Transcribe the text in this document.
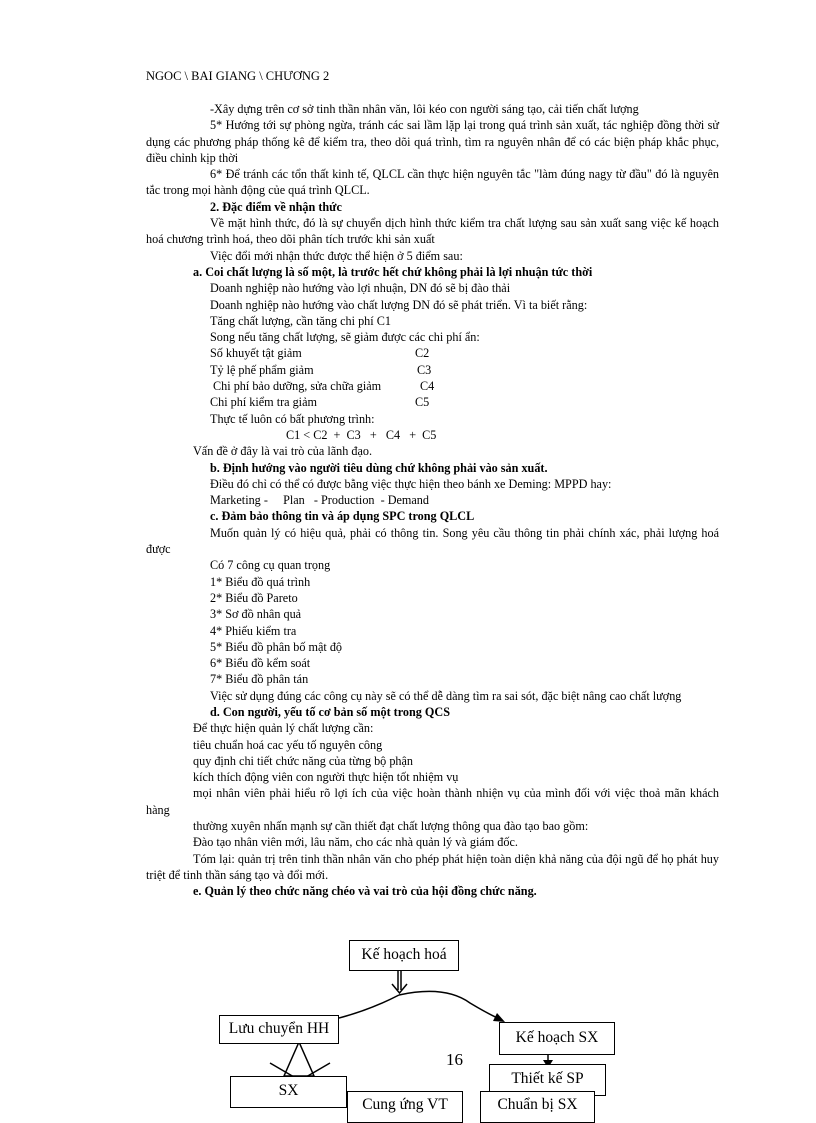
NGOC \ BAI GIANG \ CHƯƠNG 2
-Xây dựng trên cơ sở tinh thần nhân văn, lôi kéo con người sáng tạo, cải tiến chất lượng
5* Hướng tới sự phòng ngừa, tránh các sai lầm lặp lại trong quá trình sản xuất, tác nghiệp đồng thời sử dụng các phương pháp thống kê để kiểm tra, theo dõi quá trình, tìm ra nguyên nhân để có các biện pháp khắc phục, điều chỉnh kịp thời
6* Để tránh các tổn thất kinh tế, QLCL cần thực hiện nguyên tắc "làm đúng nagy từ đầu" đó là nguyên tắc trong mọi hành động củe quá trình QLCL.
2. Đặc điểm về nhận thức
Về mặt hình thức, đó là sự chuyển dịch hình thức kiểm tra chất lượng sau sản xuất sang việc kế hoạch hoá chương trình hoá, theo dõi phân tích trước khi sản xuất
Việc đổi mới nhận thức được thể hiện ở 5 điểm sau:
a. Coi chất lượng là số một, là trước hết chứ không phải là lợi nhuận tức thời
Doanh nghiệp nào hướng vào lợi nhuận, DN đó sẽ bị đào thải
Doanh nghiệp nào hướng vào chất lượng DN đó sẽ phát triển. Vì ta biết rằng:
Tăng chất lượng, cần tăng chi phí C1
Song nếu tăng chất lượng, sẽ giảm được các chi phí ẩn:
Số khuyết tật giảm	C2
Tỷ lệ phế phẩm giảm	C3
Chi phí bảo dưỡng, sửa chữa giảm	C4
Chi phí kiểm tra giảm	C5
Thực tế luôn có bất phương trình:
C1 < C2  +  C3   +   C4   +  C5
Vấn đề ở đây là vai trò của lãnh đạo.
b. Định hướng vào người tiêu dùng chứ không phải vào sản xuất.
Điều đó chỉ có thể có được bằng việc thực hiện theo bánh xe Deming: MPPD hay:
Marketing -     Plan   - Production  - Demand
c. Đảm bảo thông tin và áp dụng SPC trong QLCL
Muốn quản lý có hiệu quả, phải có thông tin. Song yêu cầu thông tin phải chính xác, phải lượng hoá được
Có 7 công cụ quan trọng
1* Biểu đồ quá trình
2* Biểu đồ Pareto
3* Sơ đồ nhân quả
4* Phiếu kiểm tra
5* Biểu đồ phân bố mật độ
6* Biểu đồ kểm soát
7* Biểu đồ phân tán
Việc sử dụng đúng các công cụ này sẽ có thể dễ dàng tìm ra sai sót, đặc biệt nâng cao chất lượng
d. Con người, yếu tố cơ bản số một trong QCS
Để thực hiện quản lý chất lượng cần:
tiêu chuẩn hoá cac yếu tố nguyên công
quy định chi tiết chức năng của từng bộ phận
kích thích động viên con người thực hiện tốt nhiệm vụ
mọi nhân viên phải hiểu rõ lợi ích của việc hoàn thành nhiện vụ của mình đối với việc thoả mãn khách hàng
thường xuyên nhấn mạnh sự cần thiết đạt chất lượng thông qua đào tạo bao gồm:
Đào tạo nhân viên mới, lâu năm, cho các nhà quản lý và giám đốc.
Tóm lại: quản trị trên tinh thần nhân văn cho phép phát hiện toàn diện khả năng của đội ngũ để họ phát huy triệt để tinh thần sáng tạo và đổi mới.
e. Quản lý theo chức năng chéo và vai trò của hội đồng chức năng.
Kế hoạch hoá
Lưu chuyển HH
Kế hoạch SX
Thiết kế SP
SX
Chuẩn bị SX
Cung ứng VT
16
